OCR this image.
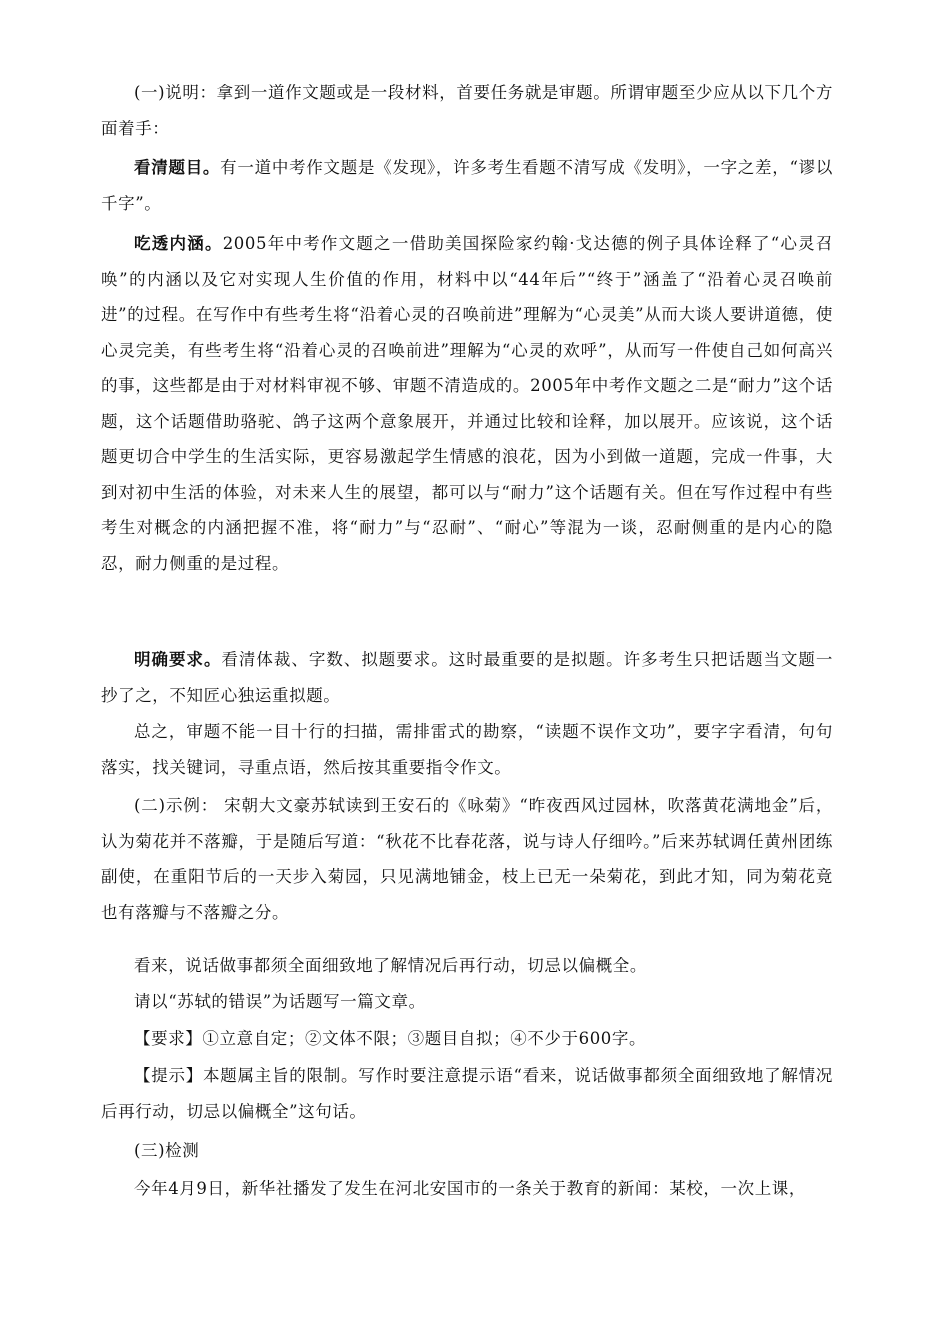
(一)说明：拿到一道作文题或是一段材料，首要任务就是审题。所谓审题至少应从以下几个方面着手：

看清题目。有一道中考作文题是《发现》，许多考生看题不清写成《发明》，一字之差，“谬以千字”。

吃透内涵。2005年中考作文题之一借助美国探险家约翰·戈达德的例子具体诠释了“心灵召唤”的内涵以及它对实现人生价值的作用，材料中以“44年后”“终于”涵盖了“沿着心灵召唤前进”的过程。在写作中有些考生将“沿着心灵的召唤前进”理解为“心灵美”从而大谈人要讲道德，使心灵完美，有些考生将“沿着心灵的召唤前进”理解为“心灵的欢呼”，从而写一件使自己如何高兴的事，这些都是由于对材料审视不够、审题不清造成的。2005年中考作文题之二是“耐力”这个话题，这个话题借助骆驼、鸽子这两个意象展开，并通过比较和诠释，加以展开。应该说，这个话题更切合中学生的生活实际，更容易激起学生情感的浪花，因为小到做一道题，完成一件事，大到对初中生活的体验，对未来人生的展望，都可以与“耐力”这个话题有关。但在写作过程中有些考生对概念的内涵把握不准，将“耐力”与“忍耐”、“耐心”等混为一谈，忍耐侧重的是内心的隐忍，耐力侧重的是过程。

明确要求。看清体裁、字数、拟题要求。这时最重要的是拟题。许多考生只把话题当文题一抄了之，不知匠心独运重拟题。

总之，审题不能一目十行的扫描，需排雷式的勘察，“读题不误作文功”，要字字看清，句句落实，找关键词，寻重点语，然后按其重要指令作文。

(二)示例： 宋朝大文豪苏轼读到王安石的《咏菊》“昨夜西风过园林，吹落黄花满地金”后，认为菊花并不落瓣，于是随后写道：“秋花不比春花落，说与诗人仔细吟。”后来苏轼调任黄州团练副使，在重阳节后的一天步入菊园，只见满地铺金，枝上已无一朵菊花，到此才知，同为菊花竟也有落瓣与不落瓣之分。

看来，说话做事都须全面细致地了解情况后再行动，切忌以偏概全。

请以“苏轼的错误”为话题写一篇文章。

【要求】①立意自定；②文体不限；③题目自拟；④不少于600字。

【提示】本题属主旨的限制。写作时要注意提示语“看来，说话做事都须全面细致地了解情况后再行动，切忌以偏概全”这句话。

(三)检测

今年4月9日，新华社播发了发生在河北安国市的一条关于教育的新闻：某校，一次上课，
